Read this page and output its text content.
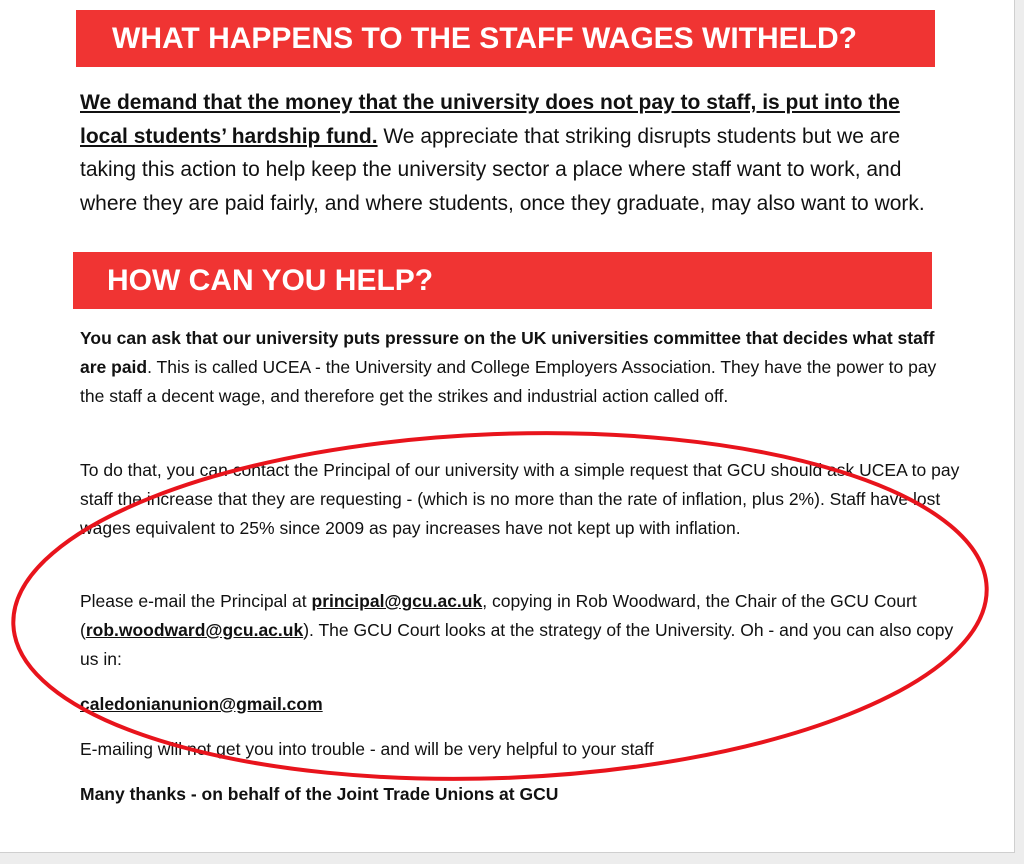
WHAT HAPPENS TO THE STAFF WAGES WITHELD?
We demand that the money that the university does not pay to staff, is put into the local students’ hardship fund. We appreciate that striking disrupts students but we are taking this action to help keep the university sector a place where staff want to work, and where they are paid fairly, and where students, once they graduate, may also want to work.
HOW CAN YOU HELP?
You can ask that our university puts pressure on the UK universities committee that decides what staff are paid. This is called UCEA - the University and College Employers Association. They have the power to pay the staff a decent wage, and therefore get the strikes and industrial action called off.
To do that, you can contact the Principal of our university with a simple request that GCU should ask UCEA to pay staff the increase that they are requesting - (which is no more than the rate of inflation, plus 2%). Staff have lost wages equivalent to 25% since 2009 as pay increases have not kept up with inflation.
Please e-mail the Principal at principal@gcu.ac.uk, copying in Rob Woodward, the Chair of the GCU Court (rob.woodward@gcu.ac.uk). The GCU Court looks at the strategy of the University. Oh - and you can also copy us in:
caledonianunion@gmail.com
E-mailing will not get you into trouble - and will be very helpful to your staff
Many thanks - on behalf of the Joint Trade Unions at GCU
